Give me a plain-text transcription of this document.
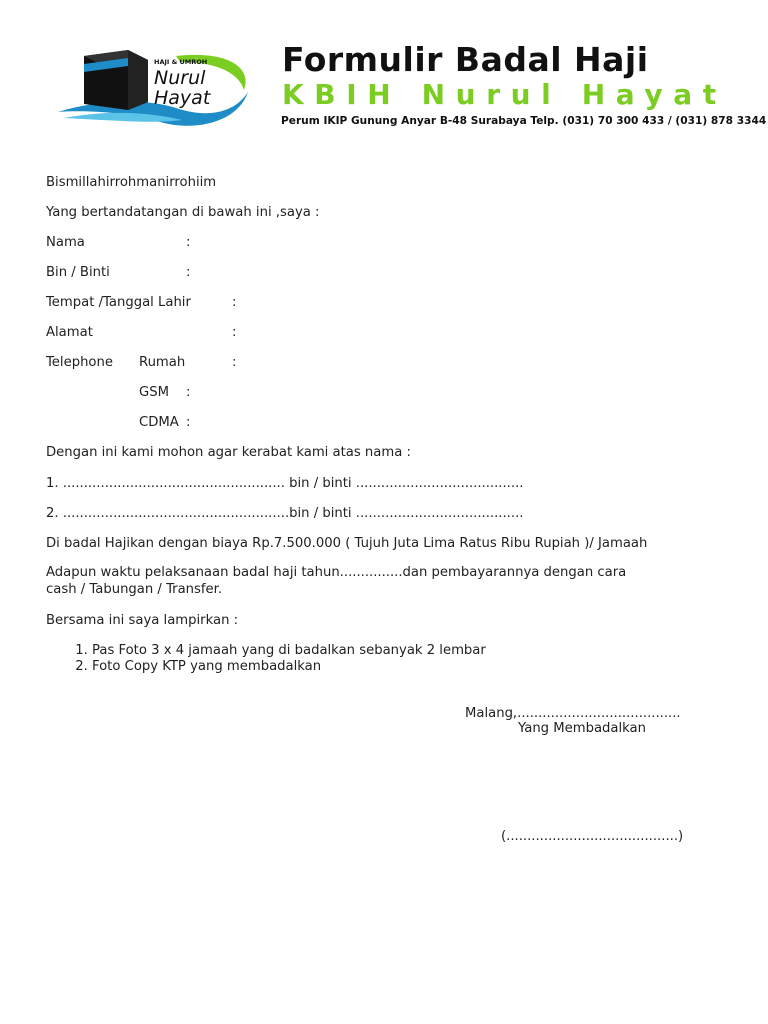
HAJI & UMROH
Nurul
Hayat
Formulir Badal Haji
KBIH Nurul Hayat
Perum IKIP Gunung Anyar B-48 Surabaya Telp. (031) 70 300 433 / (031) 878 3344
Bismillahirrohmanirrohiim
Yang bertandatangan di bawah ini ,saya :
Nama	:
Bin / Binti	:
Tempat /Tanggal Lahir	:
Alamat	:
Telephone Rumah	:
GSM :
CDMA :
Dengan ini kami mohon agar kerabat kami atas nama :
1. ..................................................... bin / binti ........................................
2. ......................................................bin / binti ........................................
Di badal Hajikan dengan biaya Rp.7.500.000 ( Tujuh Juta Lima Ratus Ribu Rupiah )/ Jamaah
Adapun waktu pelaksanaan badal haji tahun...............dan pembayarannya dengan cara
cash / Tabungan / Transfer.
Bersama ini saya lampirkan :
1. Pas Foto 3 x 4 jamaah yang di badalkan sebanyak 2 lembar
2. Foto Copy KTP yang membadalkan
Malang,.......................................
Yang Membadalkan
(.........................................)
